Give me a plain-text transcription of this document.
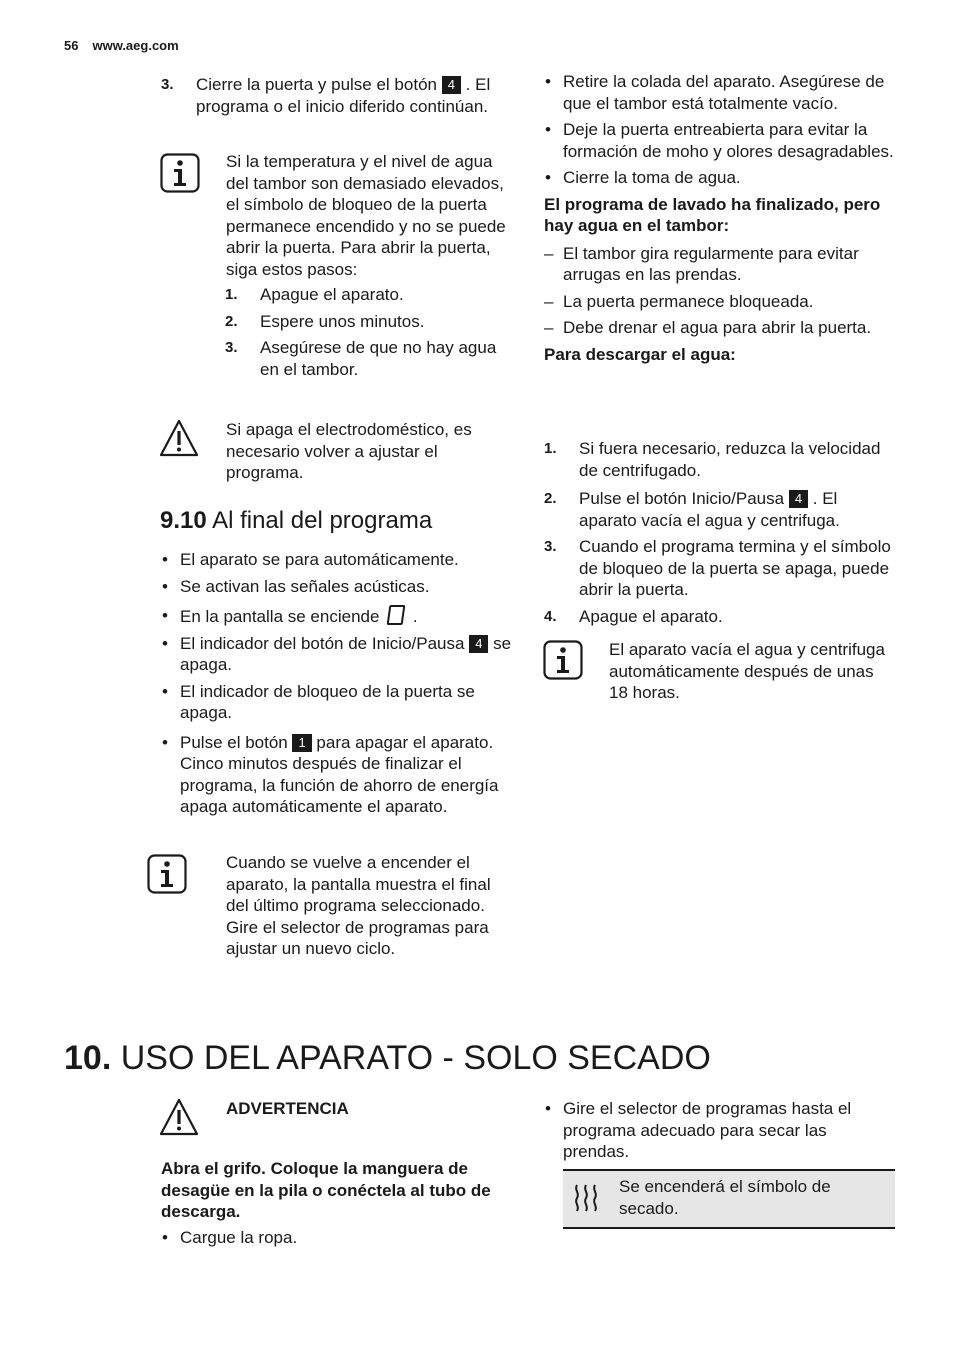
56 www.aeg.com

3. Cierre la puerta y pulse el botón 4 . El programa o el inicio diferido continúan.

Si la temperatura y el nivel de agua del tambor son demasiado elevados, el símbolo de bloqueo de la puerta permanece encendido y no se puede abrir la puerta. Para abrir la puerta, siga estos pasos:

1. Apague el aparato.
2. Espere unos minutos.
3. Asegúrese de que no hay agua en el tambor.

Si apaga el electrodoméstico, es necesario volver a ajustar el programa.

9.10 Al final del programa
• El aparato se para automáticamente.
• Se activan las señales acústicas.
• En la pantalla se enciende  .
• El indicador del botón de Inicio/Pausa 4 se apaga.
• El indicador de bloqueo de la puerta se apaga.
• Pulse el botón 1 para apagar el aparato. Cinco minutos después de finalizar el programa, la función de ahorro de energía apaga automáticamente el aparato.

Cuando se vuelve a encender el aparato, la pantalla muestra el final del último programa seleccionado. Gire el selector de programas para ajustar un nuevo ciclo.

• Retire la colada del aparato. Asegúrese de que el tambor está totalmente vacío.
• Deje la puerta entreabierta para evitar la formación de moho y olores desagradables.
• Cierre la toma de agua.

El programa de lavado ha finalizado, pero hay agua en el tambor:

– El tambor gira regularmente para evitar arrugas en las prendas.
– La puerta permanece bloqueada.
– Debe drenar el agua para abrir la puerta.

Para descargar el agua:

1. Si fuera necesario, reduzca la velocidad de centrifugado.
2. Pulse el botón Inicio/Pausa 4 . El aparato vacía el agua y centrifuga.
3. Cuando el programa termina y el símbolo de bloqueo de la puerta se apaga, puede abrir la puerta.
4. Apague el aparato.

El aparato vacía el agua y centrifuga automáticamente después de unas 18 horas.

10. USO DEL APARATO - SOLO SECADO

ADVERTENCIA

Abra el grifo. Coloque la manguera de desagüe en la pila o conéctela al tubo de descarga.

• Cargue la ropa.
• Gire el selector de programas hasta el programa adecuado para secar las prendas.

Se encenderá el símbolo de secado.
